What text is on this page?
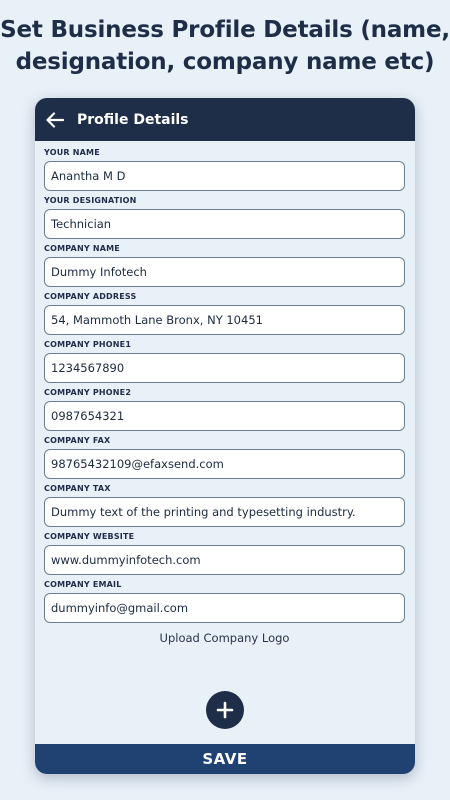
Set Business Profile Details (name, designation, company name etc)
Profile Details
YOUR NAME
Anantha M D
YOUR DESIGNATION
Technician
COMPANY NAME
Dummy Infotech
COMPANY ADDRESS
54, Mammoth Lane Bronx, NY 10451
COMPANY PHONE1
1234567890
COMPANY PHONE2
0987654321
COMPANY FAX
98765432109@efaxsend.com
COMPANY TAX
Dummy text of the printing and typesetting industry.
COMPANY WEBSITE
www.dummyinfotech.com
COMPANY EMAIL
dummyinfo@gmail.com
Upload Company Logo
SAVE
